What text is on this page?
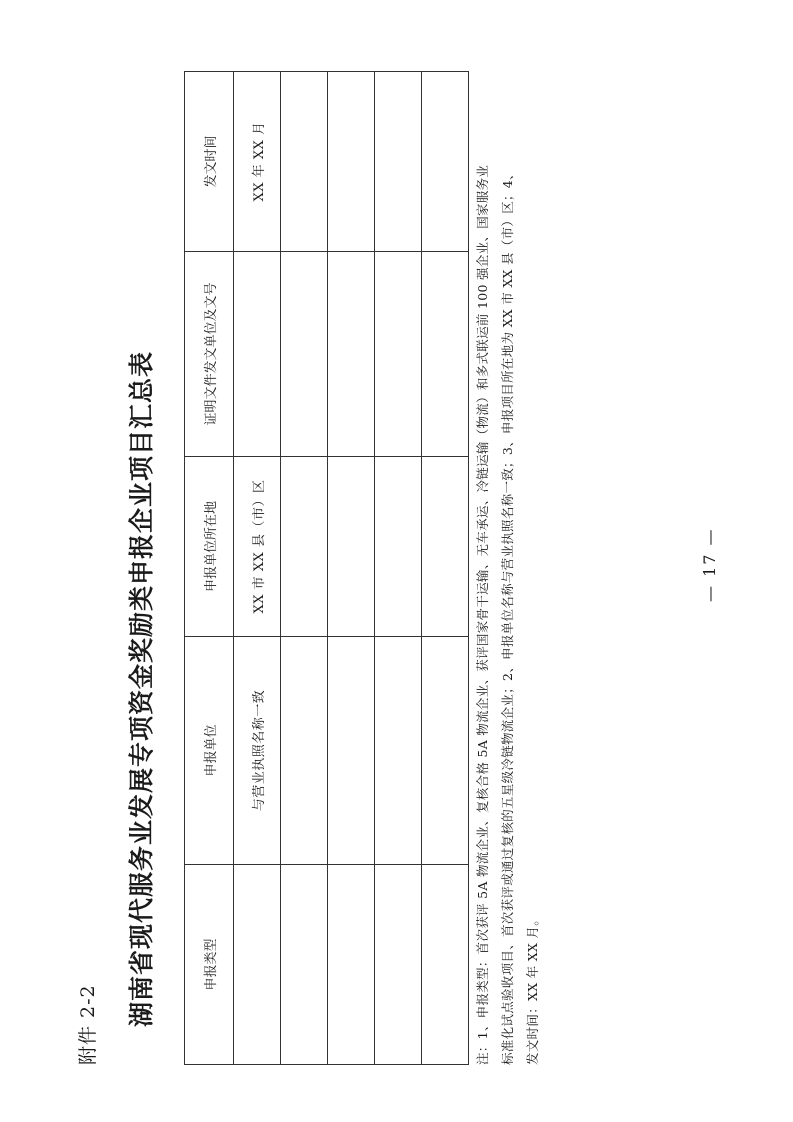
附件 2-2 湖南省现代服务业发展专项资金奖励类申报企业项目汇总表	申报类型	申报单位	申报单位所在地	证明文件发文单位及文号	发文时间
	与营业执照名称一致	XX 市 XX 县（市）区		XX 年 XX 月

注：1、申报类型：首次获评 5A 物流企业、复核合格 5A 物流企业、获评国家骨干运输、无车承运、冷链运输（物流）和多式联运前 100 强企业、国家服务业 标准化试点验收项目、首次获评或通过复核的五星级冷链物流企业；2、申报单位名称与营业执照名称一致；3、申报项目所在地为 XX 市 XX 县（市）区；4、 发文时间：XX 年 XX 月。

— 17 —
